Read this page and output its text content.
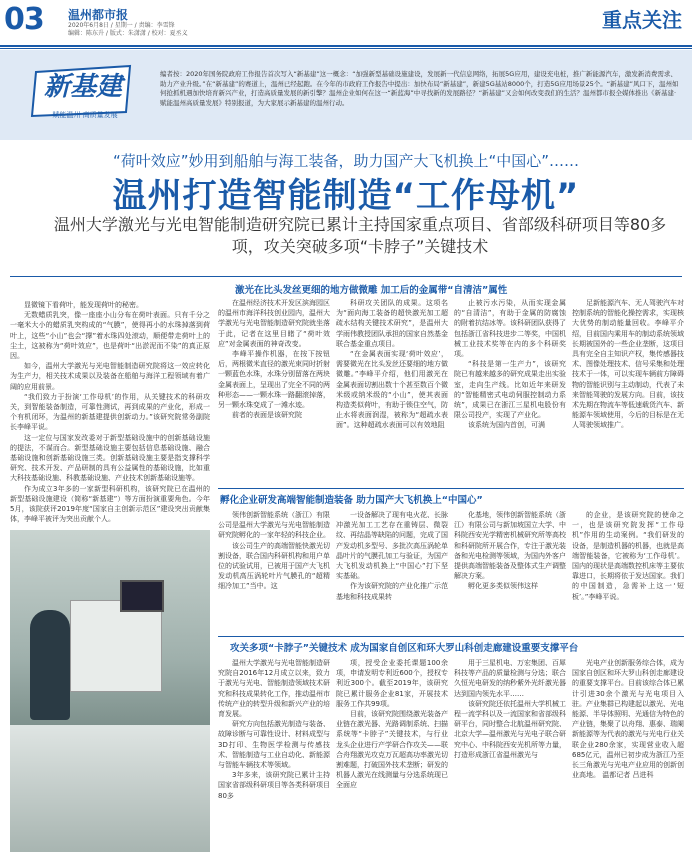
03 温州都市报
2020年6月8日 / 星期一 / 责编：李雪锋
编辑：陈东升 / 版式：朱潇潇 / 校对：夏丞义
重点关注
新基建
赋能温州 高质量发展
编者按：2020年国务院政府工作报告首次写入“新基建”这一概念：“加强新型基础设施建设，发展新一代信息网络，拓展5G应用，建设充电桩，推广新能源汽车，激发新消费需求、助力产业升级。”在“新基建”的赛道上，温州已经起跑。在今年的市政府工作报告中提出：加快布局“新基建”，新建5G基站8000个，打造5G应用场景25个。“新基建”风口下，温州如何抢抓机遇加快培育新兴产业，打造高质量发展的新引擎？温州企业如何在这一“新蓝海”中寻找新的发展路径？“新基建”又会如何改变我们的生活？温州都市报全媒体推出《新基建·赋能温州高质量发展》特别报道，为大家展示新基建的温州行动。
“荷叶效应”妙用到船舶与海工装备，助力国产大飞机换上“中国心”……
温州打造智能制造“工作母机”
温州大学激光与光电智能制造研究院已累计主持国家重点项目、省部级科研项目等80多项，攻关突破多项“卡脖子”关键技术

显微镜下看荷叶，能发现荷叶的秘密。

无数蜡质乳突，像一座座小山分布在荷叶表面。只有千分之一毫米大小的蜡质乳突构成的“气膜”，使得再小的水珠掉落到荷叶上，这些“小山”也会“撑”着水珠四处滚动，顺便带走荷叶上的尘土，这被称为“荷叶效应”，也是荷叶“出淤泥而不染”的真正原因。

如今，温州大学激光与光电智能制造研究院将这一效应转化为生产力，相关技术成果以及装备在船舶与海洋工程领域有着广阔的应用前景。

“我们致力于扮演‘工作母机’的作用，从关键技术的科研攻关，到智能装备制造，可靠性测试，再到成果的产业化，形成一个有机闭环，为温州的新基建提供创新动力。”该研究院常务副院长李峰平说。

这一定位与国家发改委对于新型基础设施中的创新基础设施的提法，不谋而合。新型基础设施主要包括信息基础设施、融合基础设施和创新基础设施三类。创新基础设施主要是指支撑科学研究、技术开发、产品研制的具有公益属性的基础设施，比如重大科技基础设施、科教基础设施、产业技术创新基础设施等。

作为成立3年多的一家新型科研机构，该研究院已在温州的新型基础设施建设（简称“新基建”）等方面扮演重要角色。今年5月，该院获评2019年度“国家自主创新示范区”建设突出贡献集体，李峰平被评为突出贡献个人。

激光在比头发丝更细的地方做微雕 加工后的金属带“自清洁”属性

在温州经济技术开发区滨海园区的温州市海洋科技创业园内，温州大学激光与光电智能制造研究院就坐落于此，记者在这里目睹了“荷叶效应”对金属表面的神奇改变。

李峰平操作机器，在按下按钮后，两根微米直径的激光束同时折射一颗蓝色水珠，水珠分别留落在两块金属表面上，呈现出了完全不同的两种形态——一颗水珠一路翻滚掉落，另一颗水珠变成了一滩水迹。

前者的表面是该研究院

科研攻关团队的成果。这项名为“面向海工装备的超快激光加工超疏水结构关键技术研究”，是温州大学雨伟教授团队承担的国家自然基金联合基金重点项目。

“在金属表面实现‘荷叶效应’，需要微光在比头发丝还要细的地方做微雕。”李峰平介绍，他们用激光在金属表面切割出数十个甚至数百个微米级或纳米级的“小山”，使其表面构造类似荷叶，有助于锁住空气，防止水将表面润湿，被称为“超疏水表面”。这种超疏水表面可以有效地阻

止被污水污染，从而实现金属的“自清洁”，有助于金属的防腐蚀的附着抗结冰等。该科研团队获得了包括浙江省科技进步二等奖，中国机械工业技术奖等在内的多个科研奖项。

“科技是第一生产力”，该研究院已有越来越多的研究成果走出实验室，走向生产线。比如近年来研发的“智能精密式电动伺服控制动力系统”，成果已在浙江三星机电股份有限公司投产，实现了产业化。

该系统为国内首创，可满

足新能源汽车、无人驾驶汽车对控制系统的智能化操控需求，实现核大优势的制动能量回收。李峰平介绍，目前国内乘用车的制动系统领域长期被国外的一些企业垄断，这项目具有完全自主知识产权，集传感器技术、图像处理技术、信号采集和处理技术于一体，可以实现车辆前方障碍物的智能识别与主动制动，代表了未来智能驾驶的发展方向。目前，该技术先期在物流车等低速载货汽车、新能源车领域使用，今后的目标是在无人驾驶领域推广。

孵化企业研发高端智能制造装备 助力国产大飞机换上“中国心”

领伟创新智能系统（浙江）有限公司是温州大学激光与光电智能制造研究院孵化的一家年轻的科技企业。

该公司生产的高端智能快激光切割设备，联合国内科研机构和用户单位的试验试用，已被用于国产大飞机发动机高压涡轮叶片气膜孔的“超精细冷加工”当中。这

一设备解决了现有电火花、长脉冲激光加工工艺存在重铸层、微裂纹、再结晶等缺陷的问题，完成了国产发动机多型号、多批次高压涡轮单晶叶片的气膜孔加工与验证，为国产大飞机发动机换上“中国心”打下坚实基础。

作为该研究院的产业化推广示范基地和科技成果转

化基地，领伟创新智能系统（浙江）有限公司与新加坡国立大学、中科院西安光学精密机械研究所等高校和科研院所开展合作，专注于激光装备和光电检测等领域，为国内外客户提供高端智能装备及整体式生产调整解决方案。

孵化更多类似领伟这样

的企业，是该研究院的使命之一，也是该研究院发挥“工作母机”作用的生动案例。“我们研发的设备，是制造机器的机器，也就是高端智能装备，它被称为‘工作母机’。国内的现状是高端数控机床等主要依靠进口，长期将依于发达国家。我们的中国制造，急需补上这一‘短板’。”李峰平说。

攻关多项“卡脖子”关键技术 成为国家自创区和环大罗山科创走廊建设重要支撑平台

温州大学激光与光电智能制造研究院自2016年12月成立以来，致力于激光与光电、智能制造领域技术研究和科技成果转化工作，推动温州市传统产业的转型升级和新兴产业的培育发展。

研究方向包括激光制造与装备、故障诊断与可靠性设计、材料成型与3D打印、生物医学检测与传感技术、智能制造与工业自动化、新能源与智能车辆技术等领域。

3年多来，该研究院已累计主持国家省部级科研项目等各类科研项目80多

项，授受企业委托课题100余项，申请发明专利近600个，授权专利近300个。截至2019年，该研究院已累计服务企业81家，开展技术服务工作共99项。

目前，该研究院围绕激光装备产业链在激光器、光路调制系统、扫描系统等“卡脖子”关键技术，与行业龙头企业进行产学研合作攻关——联合舟翔激光攻克万瓦超高功率激光切割难题，打破国外技术垄断；研发的机器人激光在线测量与分选系统现已全面应

用于三星机电、万宏集团、百犀科技等产品的质量检测与分选；联合久恒光电研发的纳秒紫外光纤激光器达到国内领先水平……

该研究院还依托温州大学机械工程一流学科以及一流国家和省部级科研平台，同时整合北航温州研究院、北京大学—温州激光与光电子联合研究中心、中科院西安光机所等力量，打造形成浙江省温州激光与

光电产业创新服务综合体，成为国家自创区和环大罗山科创走廊建设的重要支撑平台。目前该综合体已累计引进30余个激光与光电项目入驻。产业集群已构建起以激光、光电能源、半导体照明、光通信为特色的产业链，集聚了以舟翔、惠泰、瑞阑新能源等为代表的激光与光电行业关联企业280余家，实现营业收入超685亿元，温州已初步成为浙江乃至长三角激光与光电产业应用的创新创业高地。 温都记者 吕进科
